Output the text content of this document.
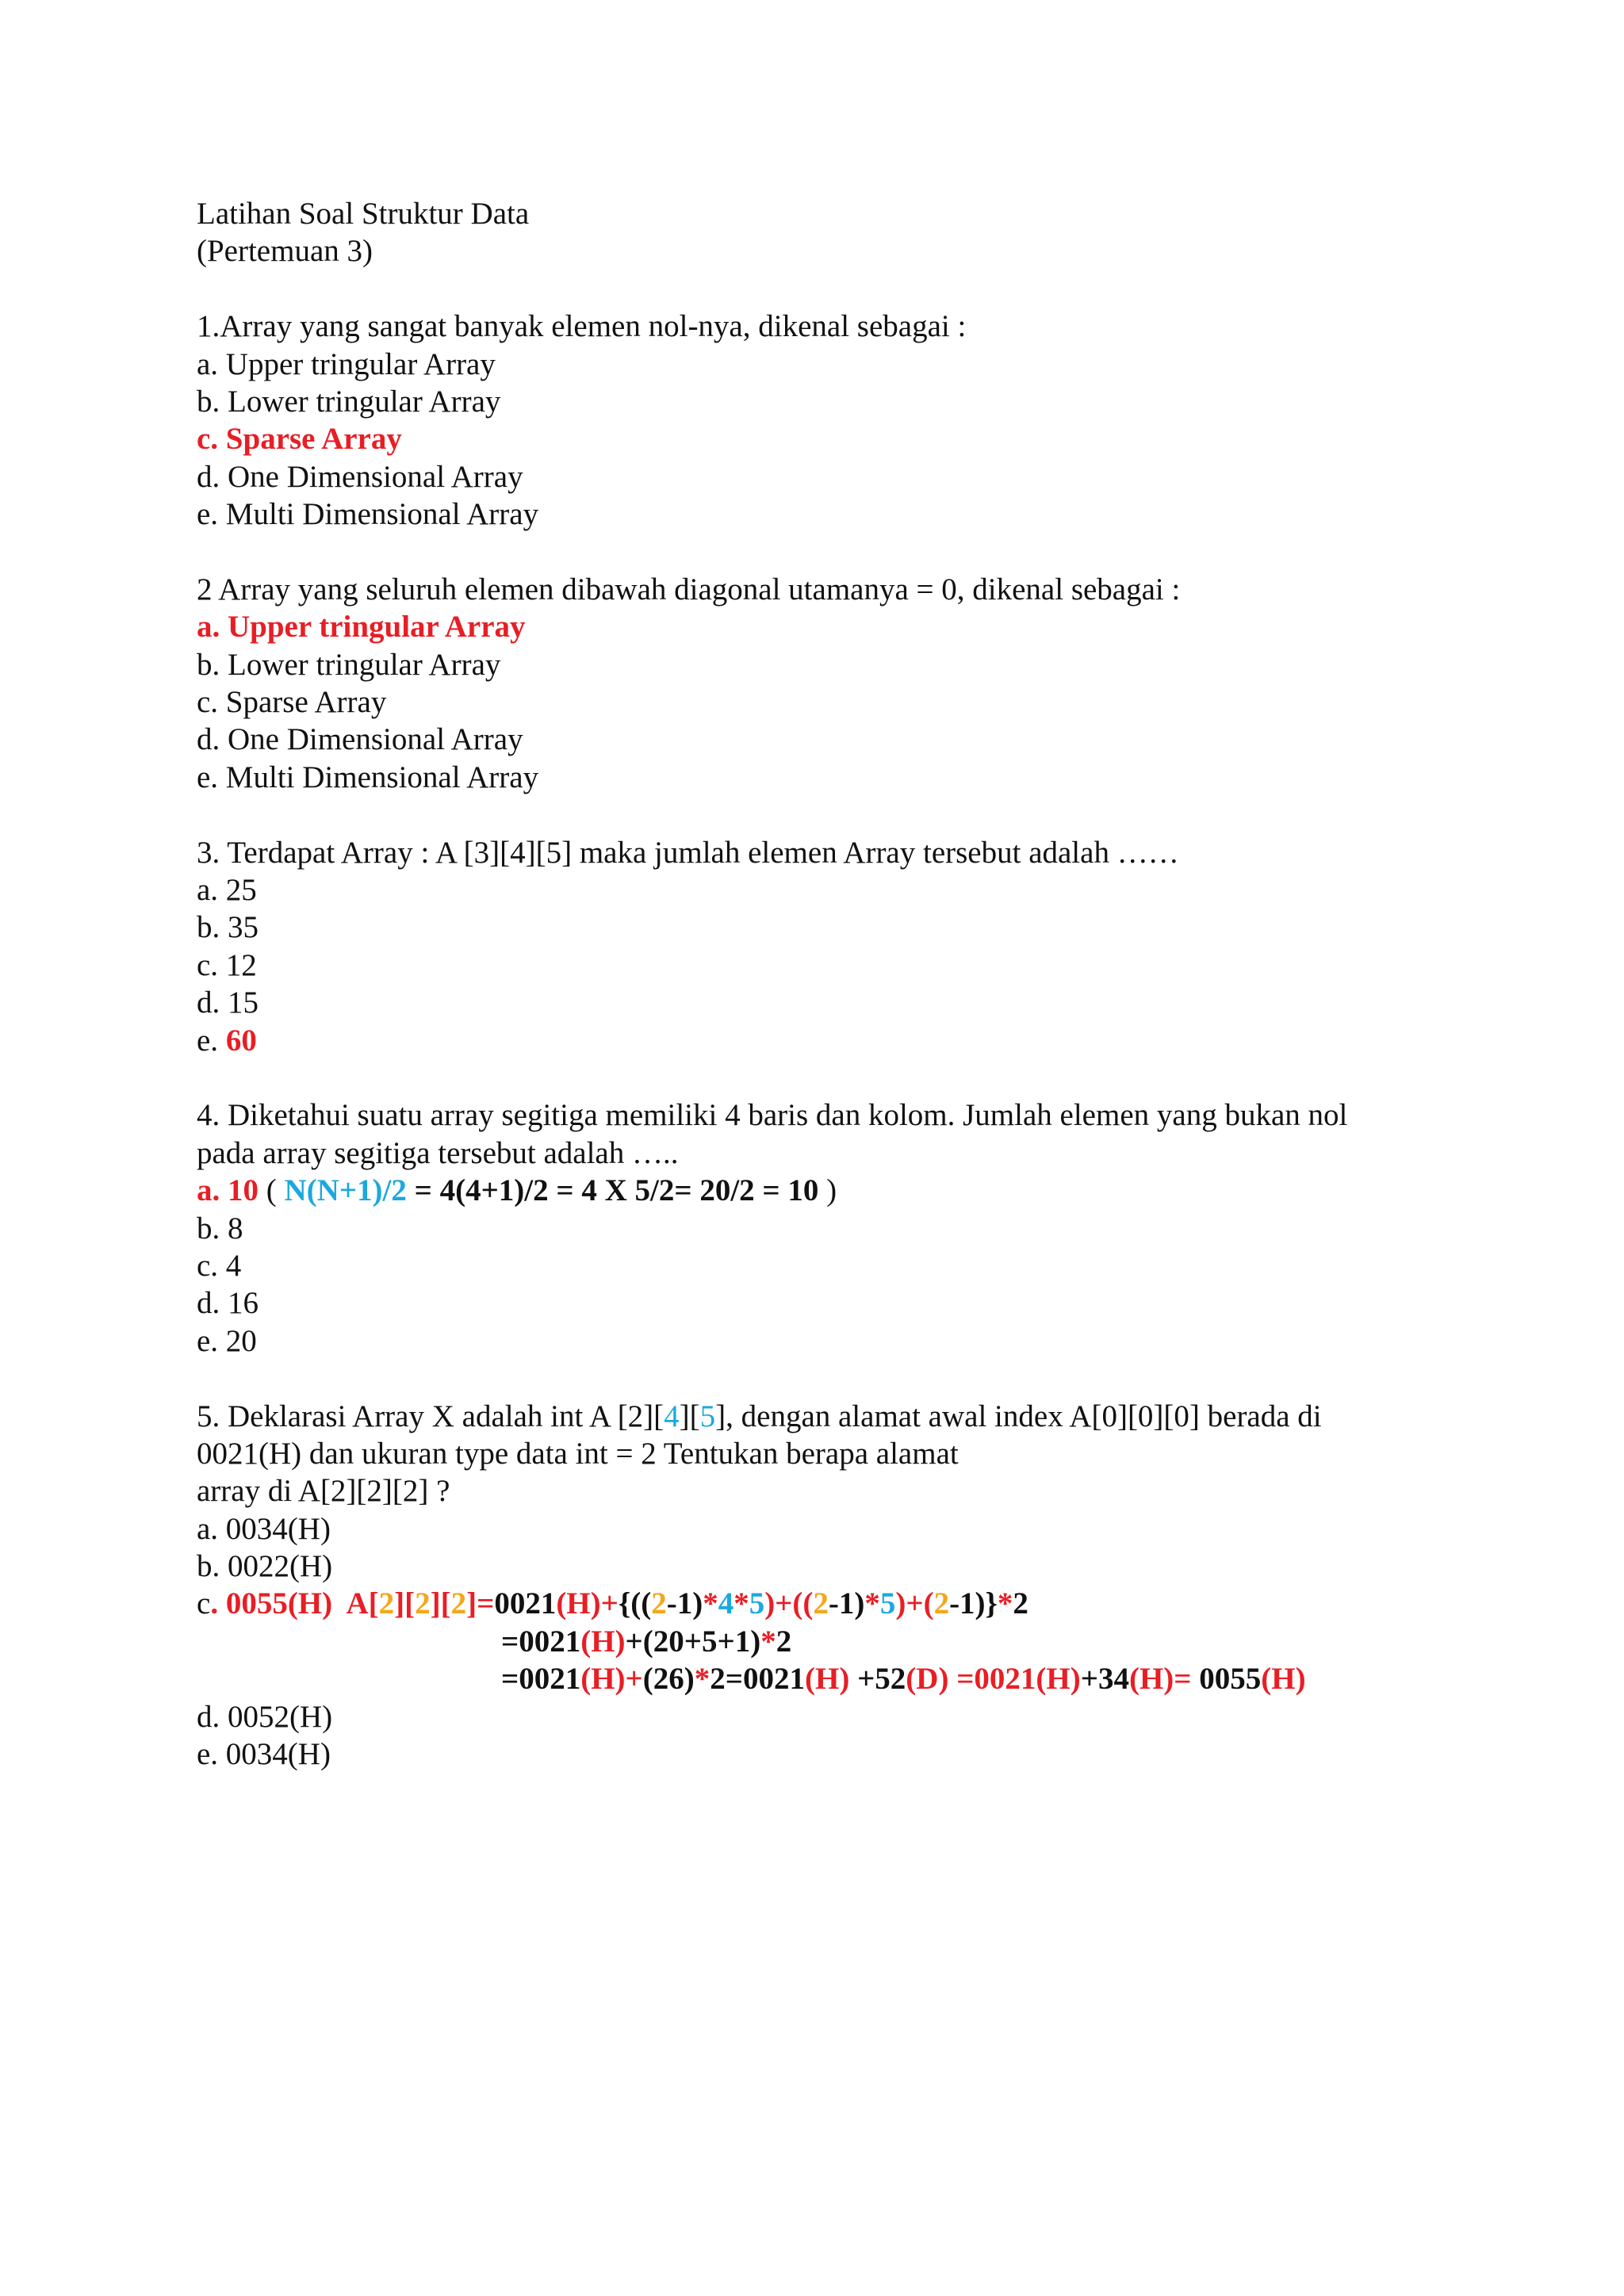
Latihan Soal Struktur Data
(Pertemuan 3)
1.Array yang sangat banyak elemen nol-nya, dikenal sebagai :
a. Upper tringular Array
b. Lower tringular Array
c. Sparse Array
d. One Dimensional Array
e. Multi Dimensional Array
2 Array yang seluruh elemen dibawah diagonal utamanya = 0, dikenal sebagai :
a. Upper tringular Array
b. Lower tringular Array
c. Sparse Array
d. One Dimensional Array
e. Multi Dimensional Array
3. Terdapat Array : A [3][4][5] maka jumlah elemen Array tersebut adalah ……
a. 25
b. 35
c. 12
d. 15
e. 60
4. Diketahui suatu array segitiga memiliki 4 baris dan kolom. Jumlah elemen yang bukan nol
pada array segitiga tersebut adalah …..
a. 10 ( N(N+1)/2 = 4(4+1)/2 = 4 X 5/2= 20/2 = 10 )
b. 8
c. 4
d. 16
e. 20
5. Deklarasi Array X adalah int A [2][4][5], dengan alamat awal index A[0][0][0] berada di
0021(H) dan ukuran type data int = 2 Tentukan berapa alamat
array di A[2][2][2] ?
a. 0034(H)
b. 0022(H)
c. 0055(H)  A[2][2][2]=0021(H)+{((2-1)*4*5)+((2-1)*5)+(2-1)}*2
=0021(H)+(20+5+1)*2
=0021(H)+(26)*2=0021(H) +52(D) =0021(H)+34(H)= 0055(H)
d. 0052(H)
e. 0034(H)
